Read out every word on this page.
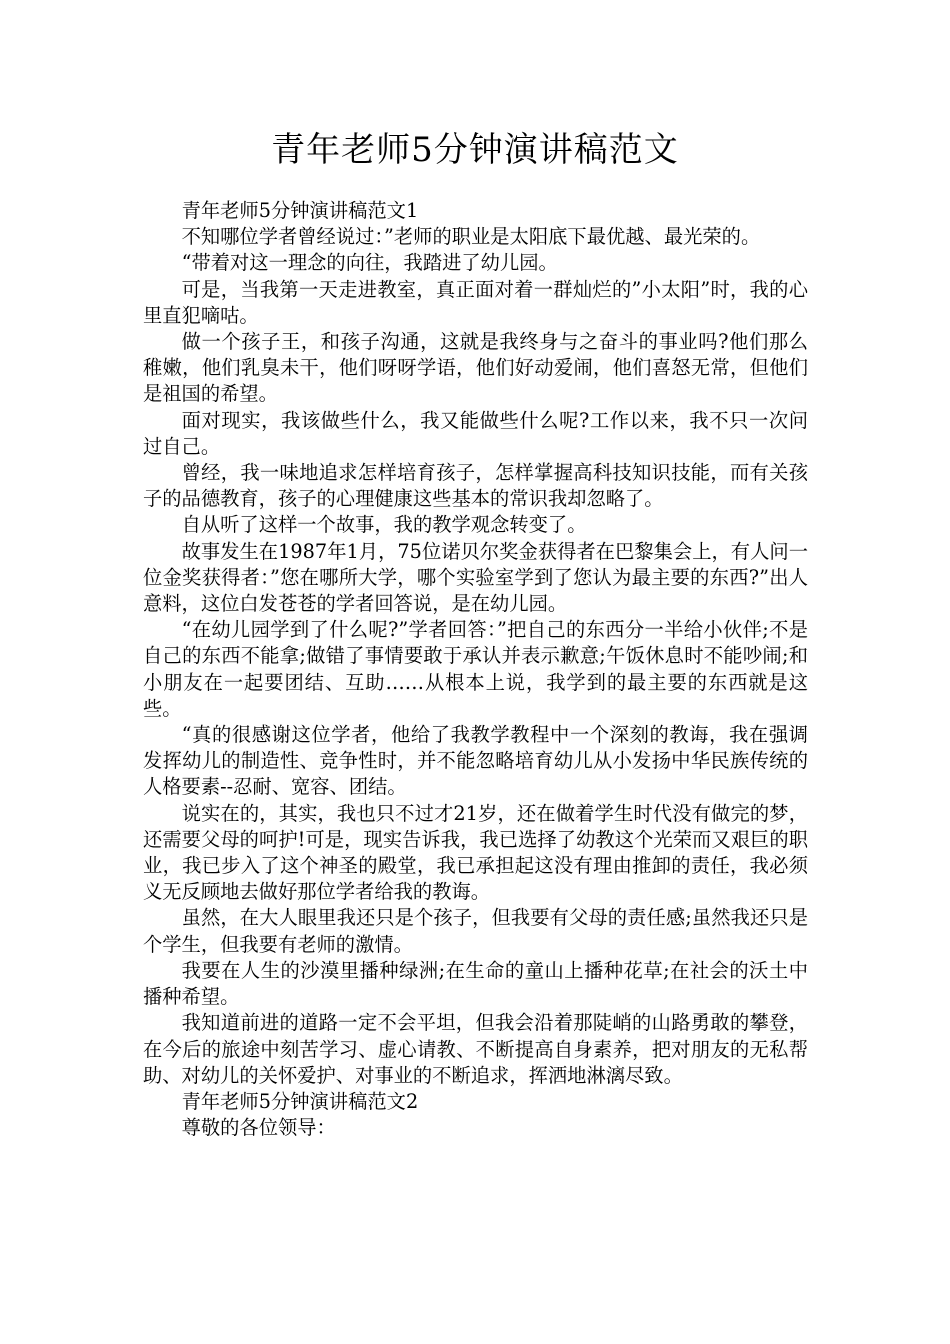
青年老师5分钟演讲稿范文

青年老师5分钟演讲稿范文1

不知哪位学者曾经说过：”老师的职业是太阳底下最优越、最光荣的。

“带着对这一理念的向往，我踏进了幼儿园。

可是，当我第一天走进教室，真正面对着一群灿烂的”小太阳”时，我的心里直犯嘀咕。

做一个孩子王，和孩子沟通，这就是我终身与之奋斗的事业吗?他们那么稚嫩，他们乳臭未干，他们呀呀学语，他们好动爱闹，他们喜怒无常，但他们是祖国的希望。

面对现实，我该做些什么，我又能做些什么呢?工作以来，我不只一次问过自己。

曾经，我一味地追求怎样培育孩子，怎样掌握高科技知识技能，而有关孩子的品德教育，孩子的心理健康这些基本的常识我却忽略了。

自从听了这样一个故事，我的教学观念转变了。

故事发生在1987年1月，75位诺贝尔奖金获得者在巴黎集会上，有人问一位金奖获得者：”您在哪所大学，哪个实验室学到了您认为最主要的东西?”出人意料，这位白发苍苍的学者回答说，是在幼儿园。

“在幼儿园学到了什么呢?”学者回答：”把自己的东西分一半给小伙伴;不是自己的东西不能拿;做错了事情要敢于承认并表示歉意;午饭休息时不能吵闹;和小朋友在一起要团结、互助……从根本上说，我学到的最主要的东西就是这些。

“真的很感谢这位学者，他给了我教学教程中一个深刻的教诲，我在强调发挥幼儿的制造性、竞争性时，并不能忽略培育幼儿从小发扬中华民族传统的人格要素--忍耐、宽容、团结。

说实在的，其实，我也只不过才21岁，还在做着学生时代没有做完的梦，还需要父母的呵护!可是，现实告诉我，我已选择了幼教这个光荣而又艰巨的职业，我已步入了这个神圣的殿堂，我已承担起这没有理由推卸的责任，我必须义无反顾地去做好那位学者给我的教诲。

虽然，在大人眼里我还只是个孩子，但我要有父母的责任感;虽然我还只是个学生，但我要有老师的激情。

我要在人生的沙漠里播种绿洲;在生命的童山上播种花草;在社会的沃土中播种希望。

我知道前进的道路一定不会平坦，但我会沿着那陡峭的山路勇敢的攀登，在今后的旅途中刻苦学习、虚心请教、不断提高自身素养，把对朋友的无私帮助、对幼儿的关怀爱护、对事业的不断追求，挥洒地淋漓尽致。

青年老师5分钟演讲稿范文2

尊敬的各位领导：
